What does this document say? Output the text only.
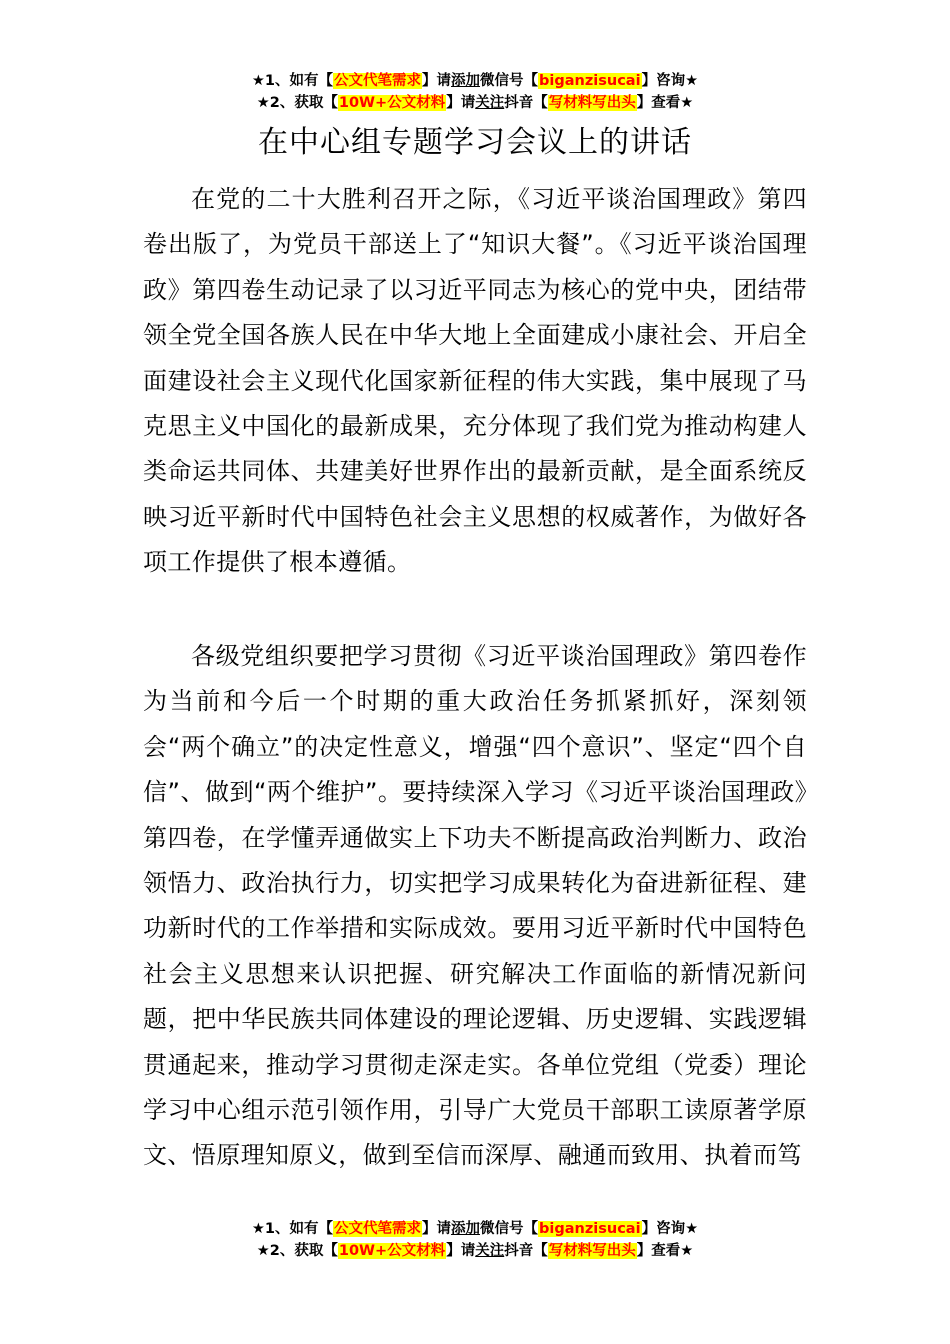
★1、如有【公文代笔需求】请添加微信号【biganzisucai】咨询★
★2、获取【10W+公文材料】请关注抖音【写材料写出头】查看★
在中心组专题学习会议上的讲话

在党的二十大胜利召开之际，《习近平谈治国理政》第四卷出版了，为党员干部送上了“知识大餐”。《习近平谈治国理政》第四卷生动记录了以习近平同志为核心的党中央，团结带领全党全国各族人民在中华大地上全面建成小康社会、开启全面建设社会主义现代化国家新征程的伟大实践，集中展现了马克思主义中国化的最新成果，充分体现了我们党为推动构建人类命运共同体、共建美好世界作出的最新贡献，是全面系统反映习近平新时代中国特色社会主义思想的权威著作，为做好各项工作提供了根本遵循。

各级党组织要把学习贯彻《习近平谈治国理政》第四卷作为当前和今后一个时期的重大政治任务抓紧抓好，深刻领会“两个确立”的决定性意义，增强“四个意识”、坚定“四个自信”、做到“两个维护”。要持续深入学习《习近平谈治国理政》第四卷，在学懂弄通做实上下功夫不断提高政治判断力、政治领悟力、政治执行力，切实把学习成果转化为奋进新征程、建功新时代的工作举措和实际成效。要用习近平新时代中国特色社会主义思想来认识把握、研究解决工作面临的新情况新问题，把中华民族共同体建设的理论逻辑、历史逻辑、实践逻辑贯通起来，推动学习贯彻走深走实。各单位党组（党委）理论学习中心组示范引领作用，引导广大党员干部职工读原著学原文、悟原理知原义，做到至信而深厚、融通而致用、执着而笃

★1、如有【公文代笔需求】请添加微信号【biganzisucai】咨询★
★2、获取【10W+公文材料】请关注抖音【写材料写出头】查看★
